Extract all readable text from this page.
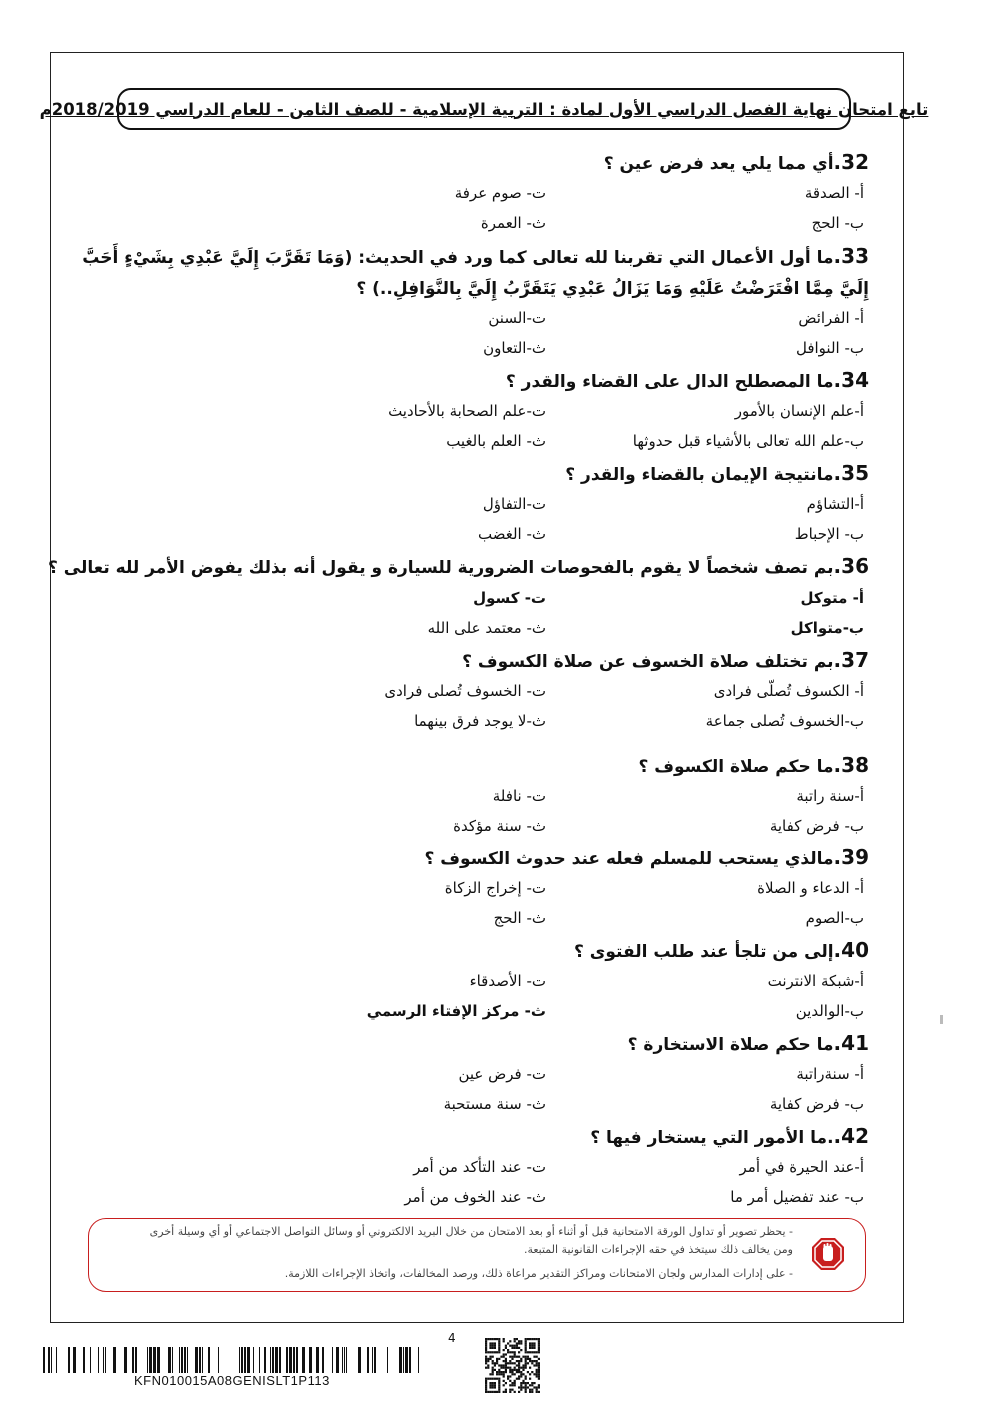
تابع امتحان نهاية الفصل الدراسي الأول لمادة : التربية الإسلامية - للصف الثامن - للعام الدراسي 2018/2019م
32.أي مما يلي يعد فرض عين ؟
أ- الصدقة
ت- صوم عرفة
ب- الحج
ث- العمرة
33.ما أول الأعمال التي تقربنا لله تعالى كما ورد في الحديث: (وَمَا تَقَرَّبَ إِلَيَّ عَبْدِي بِشَيْءٍ أَحَبَّ إِلَيَّ مِمَّا افْتَرَضْتُ عَلَيْهِ وَمَا يَزَالُ عَبْدِي يَتَقَرَّبُ إِلَيَّ بِالنَّوَافِلِ..) ؟
أ- الفرائض
ت-السنن
ب- النوافل
ث-التعاون
34.ما المصطلح الدال على القضاء والقدر ؟
أ-علم الإنسان بالأمور
ت-علم الصحابة بالأحاديث
ب-علم الله تعالى بالأشياء قبل حدوثها
ث- العلم بالغيب
35.مانتيجة الإيمان بالقضاء والقدر ؟
أ-التشاؤم
ت-التفاؤل
ب- الإحباط
ث- الغضب
36.بم تصف شخصاً لا يقوم بالفحوصات الضرورية للسيارة و يقول أنه بذلك يفوض الأمر لله تعالى ؟
أ- متوكل
ت- كسول
ب-متواكل
ث- معتمد على الله
37.بم تختلف صلاة الخسوف عن صلاة الكسوف ؟
أ- الكسوف تُصلّى فرادى
ت- الخسوف تُصلى فرادى
ب-الخسوف تُصلى جماعة
ث-لا يوجد فرق بينهما
38.ما حكم صلاة الكسوف ؟
أ-سنة راتبة
ت- نافلة
ب- فرض كفاية
ث- سنة مؤكدة
39.مالذي يستحب للمسلم فعله عند حدوث الكسوف ؟
أ- الدعاء و الصلاة
ت- إخراج الزكاة
ب-الصوم
ث- الحج
40.إلى من تلجأ عند طلب الفتوى ؟
أ-شبكة الانترنت
ت- الأصدقاء
ب-الوالدين
ث- مركز الإفتاء الرسمي
41.ما حكم صلاة الاستخارة ؟
أ- سنةراتبة
ت- فرض عين
ب- فرض كفاية
ث- سنة مستحبة
42..ما الأمور التي يستخار فيها ؟
أ-عند الحيرة في أمر
ت- عند التأكد من أمر
ب- عند تفضيل أمر ما
ث- عند الخوف من أمر
- يحظر تصوير أو تداول الورقة الامتحانية قبل أو أثناء أو بعد الامتحان من خلال البريد الالكتروني أو وسائل التواصل الاجتماعي أو أي وسيلة أخرى
ومن يخالف ذلك سيتخذ في حقه الإجراءات القانونية المتبعة.
- على إدارات المدارس ولجان الامتحانات ومراكز التقدير مراعاة ذلك، ورصد المخالفات، واتخاذ الإجراءات اللازمة.
4
KFN010015A08GENISLT1P113
